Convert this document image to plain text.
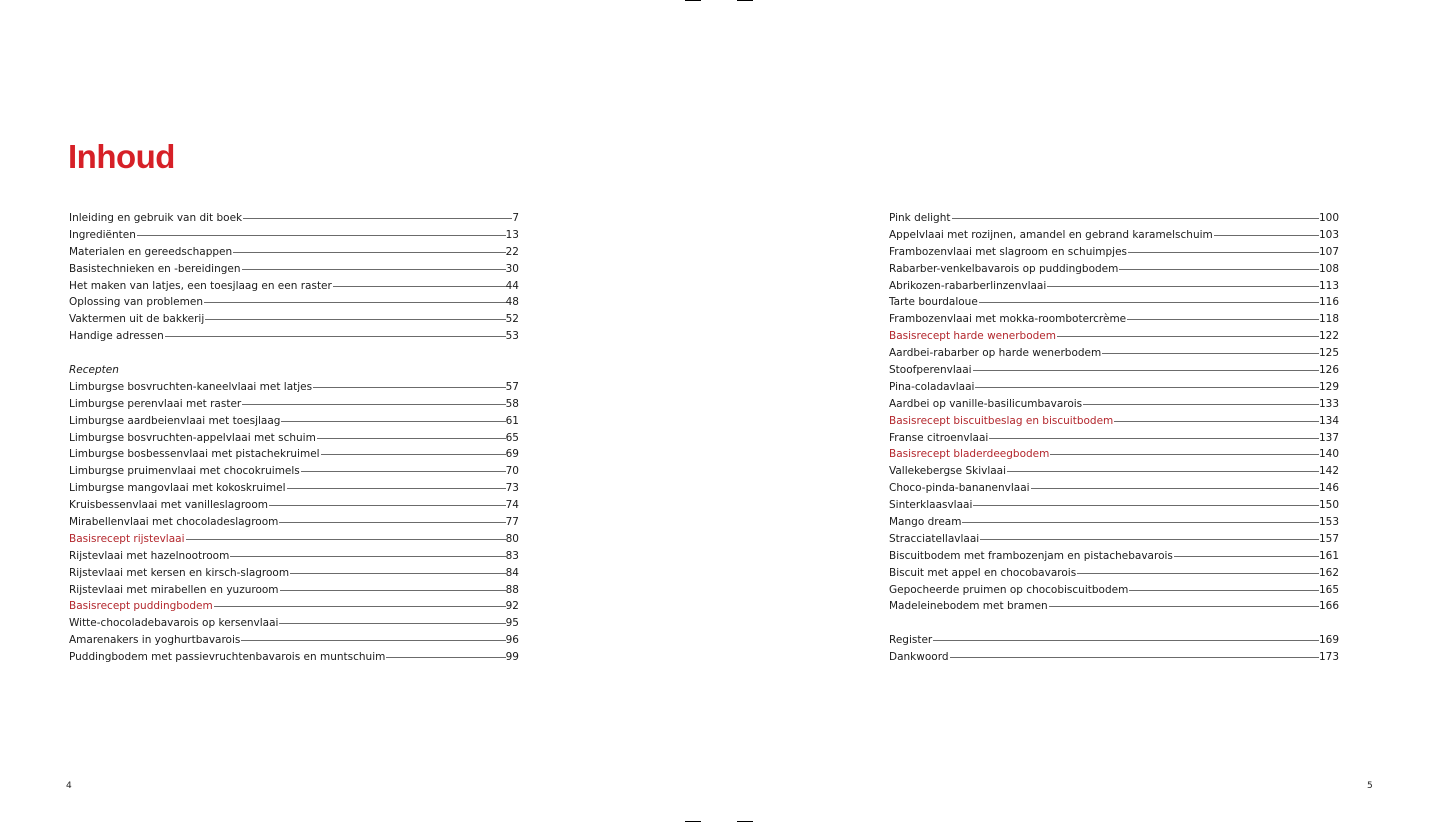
Inhoud
Inleiding en gebruik van dit boek	7
Ingrediënten	13
Materialen en gereedschappen	22
Basistechnieken en -bereidingen	30
Het maken van latjes, een toesjlaag en een raster	44
Oplossing van problemen	48
Vaktermen uit de bakkerij	52
Handige adressen	53
Recepten
Limburgse bosvruchten-kaneelvlaai met latjes	57
Limburgse perenvlaai met raster	58
Limburgse aardbeienvlaai met toesjlaag	61
Limburgse bosvruchten-appelvlaai met schuim	65
Limburgse bosbessenvlaai met pistachekruimel	69
Limburgse pruimenvlaai met chocokruimels	70
Limburgse mangovlaai met kokoskruimel	73
Kruisbessenvlaai met vanilleslagroom	74
Mirabellenvlaai met chocoladeslagroom	77
Basisrecept rijstevlaai	80
Rijstevlaai met hazelnootroom	83
Rijstevlaai met kersen en kirsch-slagroom	84
Rijstevlaai met mirabellen en yuzuroom	88
Basisrecept puddingbodem	92
Witte-chocoladebavarois op kersenvlaai	95
Amarenakers in yoghurtbavarois	96
Puddingbodem met passievruchtenbavarois en muntschuim	99
Pink delight	100
Appelvlaai met rozijnen, amandel en gebrand karamelschuim	103
Frambozenvlaai met slagroom en schuimpjes	107
Rabarber-venkelbavarois op puddingbodem	108
Abrikozen-rabarberlinzenvlaai	113
Tarte bourdaloue	116
Frambozenvlaai met mokka-roombotercrème	118
Basisrecept harde wenerbodem	122
Aardbei-rabarber op harde wenerbodem	125
Stoofperenvlaai	126
Pina-coladavlaai	129
Aardbei op vanille-basilicumbavarois	133
Basisrecept biscuitbeslag en biscuitbodem	134
Franse citroenvlaai	137
Basisrecept bladerdeegbodem	140
Vallekebergse Skivlaai	142
Choco-pinda-bananenvlaai	146
Sinterklaasvlaai	150
Mango dream	153
Stracciatellavlaai	157
Biscuitbodem met frambozenjam en pistachebavarois	161
Biscuit met appel en chocobavarois	162
Gepocheerde pruimen op chocobiscuitbodem	165
Madeleinebodem met bramen	166
Register	169
Dankwoord	173
4	5
